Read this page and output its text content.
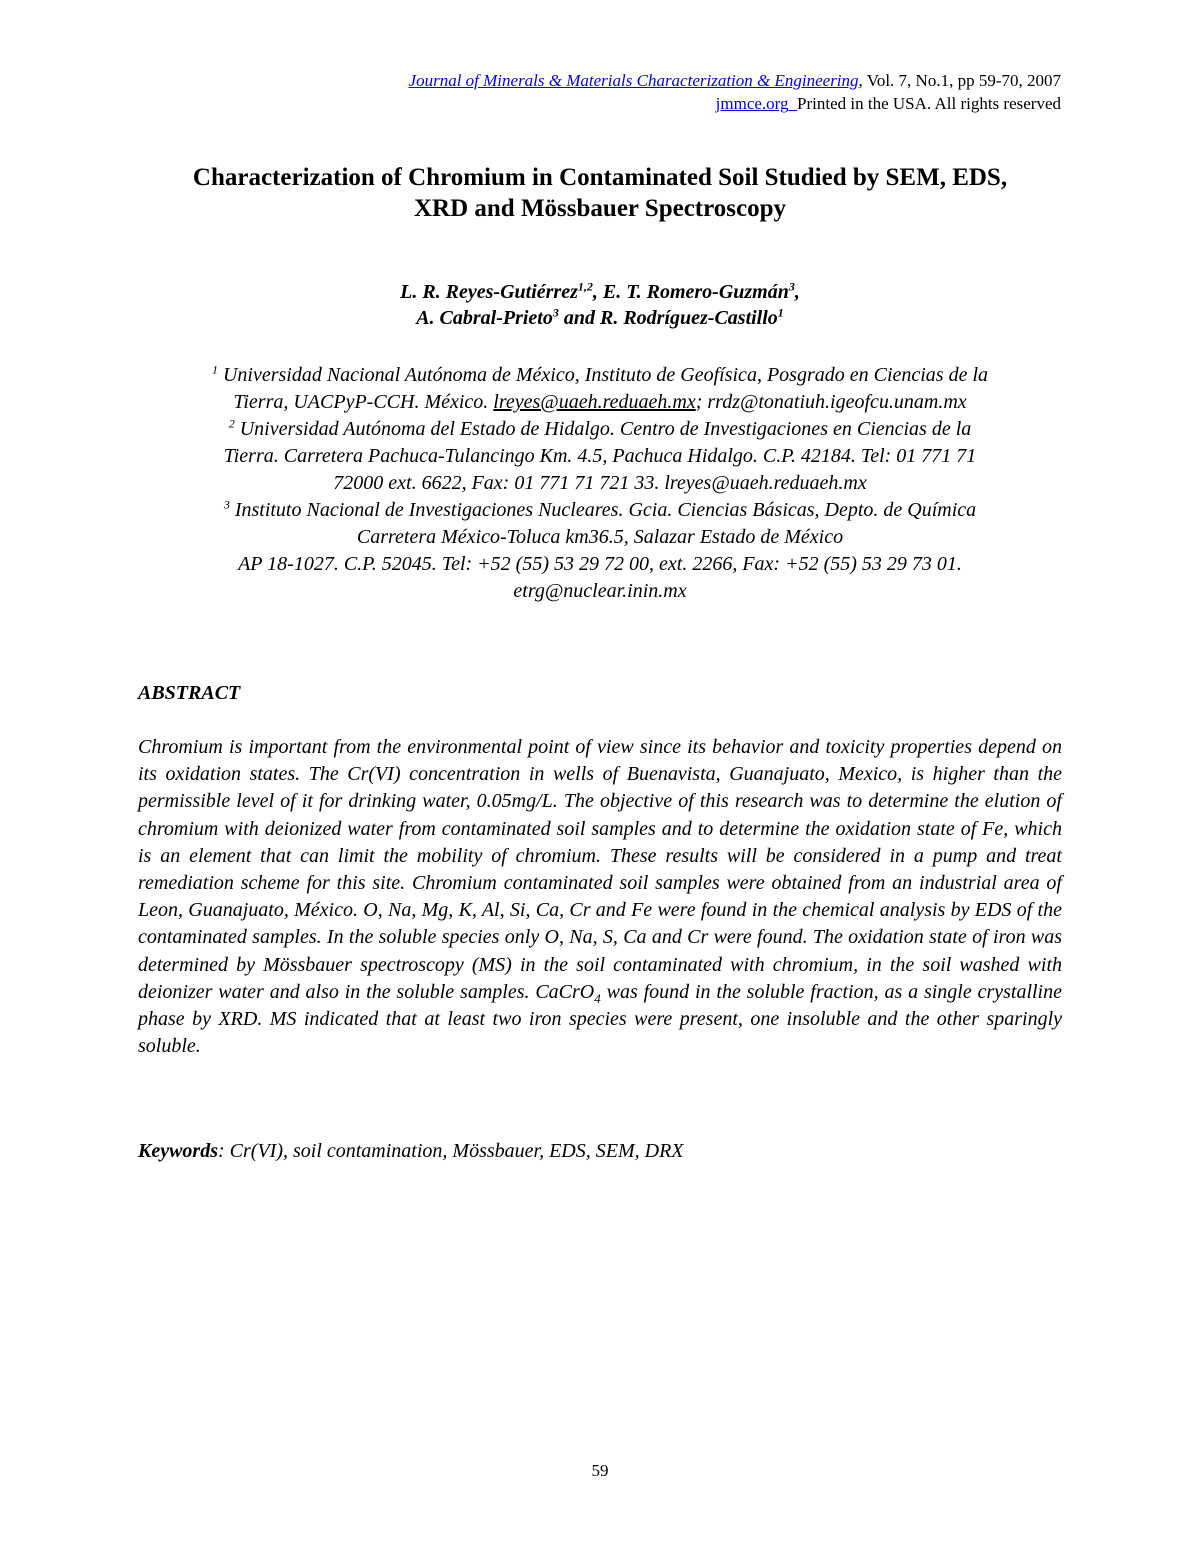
Journal of Minerals & Materials Characterization & Engineering, Vol. 7, No.1, pp 59-70, 2007
jmmce.org Printed in the USA. All rights reserved
Characterization of Chromium in Contaminated Soil Studied by SEM, EDS,
XRD and Mössbauer Spectroscopy
L. R. Reyes-Gutiérrez$^{1,2}$, E. T. Romero-Guzmán$^3$,
A. Cabral-Prieto$^3$ and R. Rodríguez-Castillo$^1$
$^1$ Universidad Nacional Autónoma de México, Instituto de Geofísica, Posgrado en Ciencias de la
Tierra, UACPyP-CCH. México. lreyes@uaeh.reduaeh.mx; rrdz@tonatiuh.igeofcu.unam.mx
$^2$ Universidad Autónoma del Estado de Hidalgo. Centro de Investigaciones en Ciencias de la
Tierra. Carretera Pachuca-Tulancingo Km. 4.5, Pachuca Hidalgo. C.P. 42184. Tel: 01 771 71
72000 ext. 6622, Fax: 01 771 71 721 33. lreyes@uaeh.reduaeh.mx
$^3$ Instituto Nacional de Investigaciones Nucleares. Gcia. Ciencias Básicas, Depto. de Química
Carretera México-Toluca km36.5, Salazar Estado de México
AP 18-1027. C.P. 52045. Tel: +52 (55) 53 29 72 00, ext. 2266, Fax: +52 (55) 53 29 73 01.
etrg@nuclear.inin.mx
ABSTRACT
Chromium is important from the environmental point of view since its behavior and toxicity properties depend on its oxidation states. The Cr(VI) concentration in wells of Buenavista, Guanajuato, Mexico, is higher than the permissible level of it for drinking water, 0.05mg/L. The objective of this research was to determine the elution of chromium with deionized water from contaminated soil samples and to determine the oxidation state of Fe, which is an element that can limit the mobility of chromium. These results will be considered in a pump and treat remediation scheme for this site. Chromium contaminated soil samples were obtained from an industrial area of Leon, Guanajuato, México. O, Na, Mg, K, Al, Si, Ca, Cr and Fe were found in the chemical analysis by EDS of the contaminated samples. In the soluble species only O, Na, S, Ca and Cr were found. The oxidation state of iron was determined by Mössbauer spectroscopy (MS) in the soil contaminated with chromium, in the soil washed with deionizer water and also in the soluble samples. CaCrO$_4$ was found in the soluble fraction, as a single crystalline phase by XRD. MS indicated that at least two iron species were present, one insoluble and the other sparingly soluble.
Keywords: Cr(VI), soil contamination, Mössbauer, EDS, SEM, DRX
59
